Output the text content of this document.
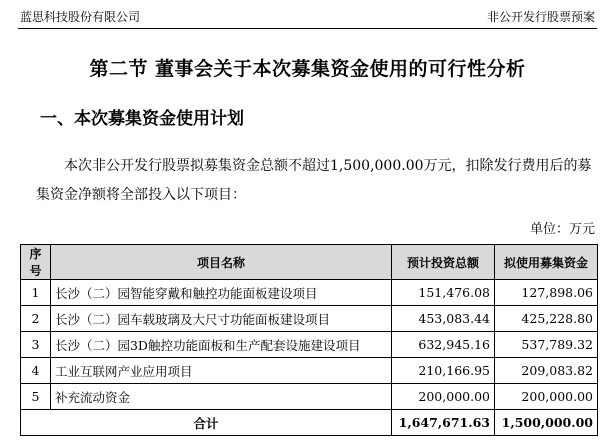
蓝思科技股份有限公司	非公开发行股票预案
第二节 董事会关于本次募集资金使用的可行性分析
一、本次募集资金使用计划
本次非公开发行股票拟募集资金总额不超过1,500,000.00万元，扣除发行费用后的募集资金净额将全部投入以下项目：
单位：万元
序号	项目名称	预计投资总额	拟使用募集资金
1	长沙（二）园智能穿戴和触控功能面板建设项目	151,476.08	127,898.06
2	长沙（二）园车载玻璃及大尺寸功能面板建设项目	453,083.44	425,228.80
3	长沙（二）园3D触控功能面板和生产配套设施建设项目	632,945.16	537,789.32
4	工业互联网产业应用项目	210,166.95	209,083.82
5	补充流动资金	200,000.00	200,000.00
合计		1,647,671.63	1,500,000.00
